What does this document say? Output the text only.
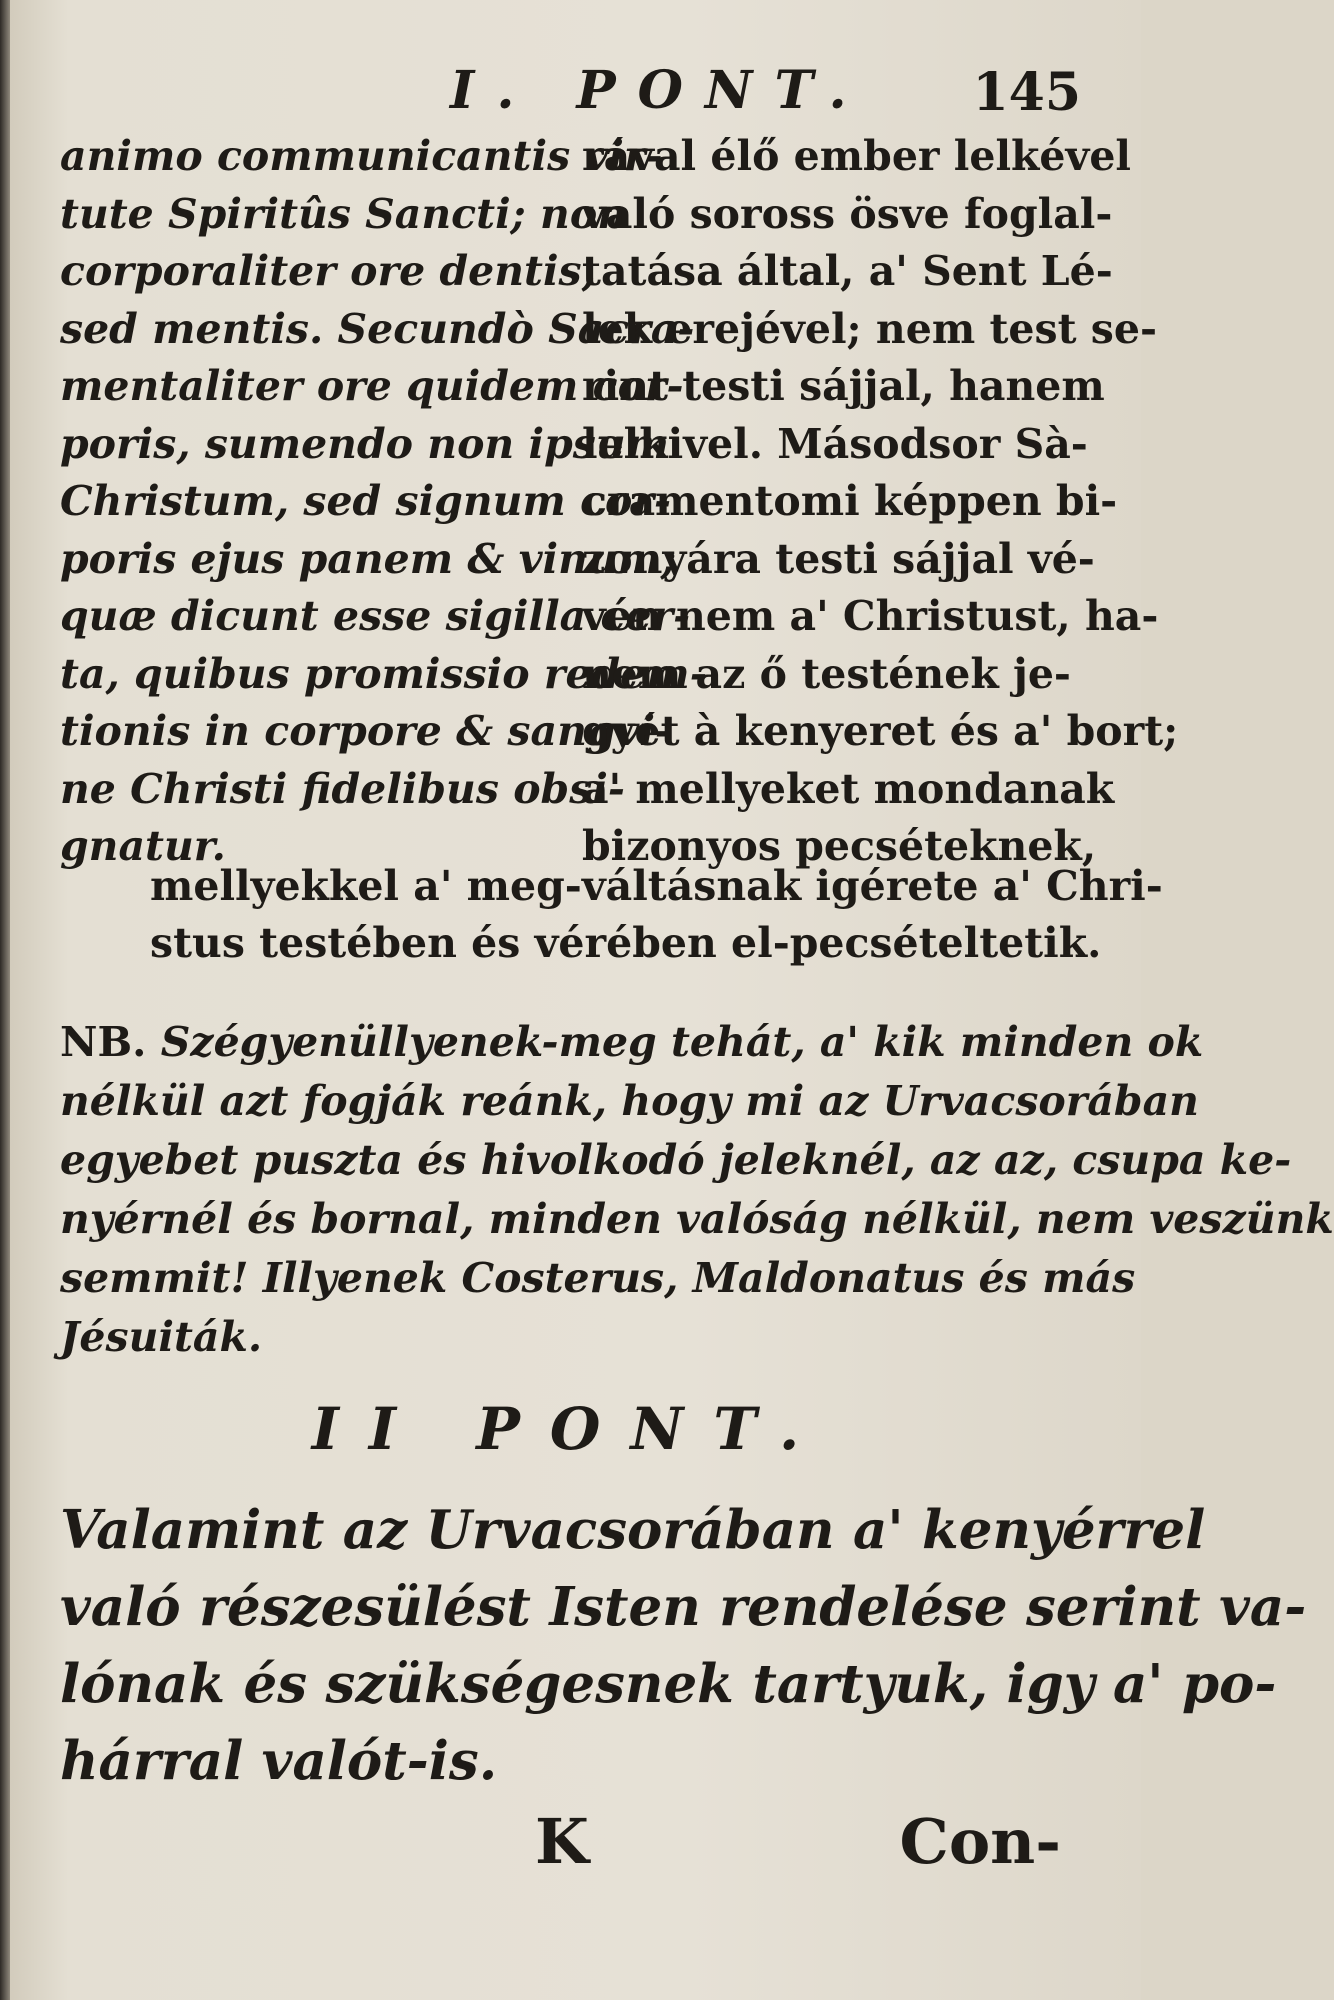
I. PONT. 145
animo communicantis vir-
tute Spiritûs Sancti; non
corporaliter ore dentis,
sed mentis. Secundò Sacra-
mentaliter ore quidem cor-
poris, sumendo non ipsum
Christum, sed signum cor-
poris ejus panem & vinum;
quæ dicunt esse sigilla cer-
ta, quibus promissio redem-
tionis in corpore & sangvi-
ne Christi fidelibus obsi-
gnatur.
rával élő ember lelkével
való soross ösve foglal-
tatása által, a' Sent Lé-
lek erejével; nem test se-
rint testi sájjal, hanem
lelkivel. Másodsor Sà-
cramentomi képpen bi-
zonyára testi sájjal vé-
vén nem a' Christust, ha-
nem az ő testének je-
gyét à kenyeret és a' bort;
a' mellyeket mondanak
bizonyos pecséteknek,
mellyekkel a' meg-váltásnak igérete a' Chri-
stus testében és vérében el-pecsételtetik.
NB. Szégyenüllyenek-meg tehát, a' kik minden ok
nélkül azt fogják reánk, hogy mi az Urvacsorában
egyebet puszta és hivolkodó jeleknél, az az, csupa ke-
nyérnél és bornal, minden valóság nélkül, nem veszünk
semmit! Illyenek Costerus, Maldonatus és más
Jésuiták.
II PONT.
Valamint az Urvacsorában a' kenyérrel
való részesülést Isten rendelése serint va-
lónak és szükségesnek tartyuk, igy a' po-
hárral valót-is.
K	Con-
